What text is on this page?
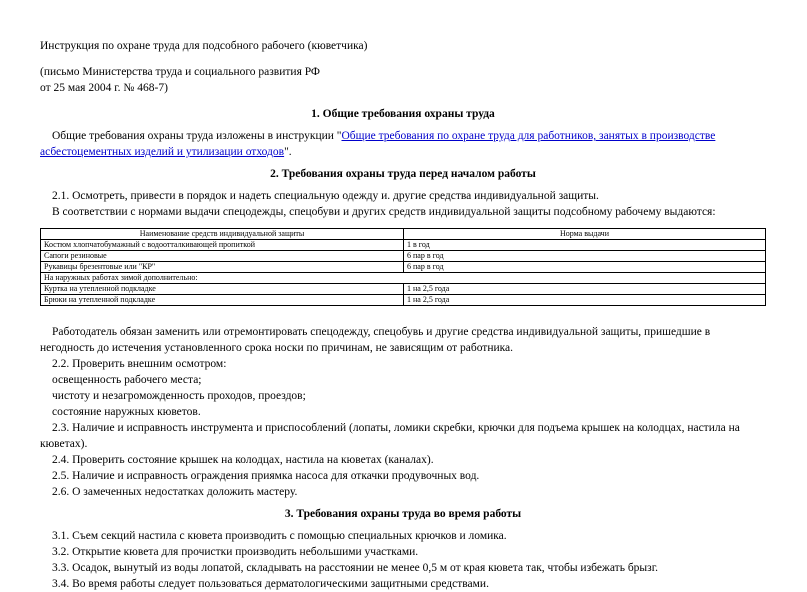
Инструкция по охране труда для подсобного рабочего (кюветчика)

(письмо Министерства труда и социального развития РФ

от 25 мая 2004 г. № 468-7)

1. Общие требования охраны труда

Общие требования охраны труда изложены в инструкции "Общие требования по охране труда для работников, занятых в производстве асбестоцементных изделий и утилизации отходов".

2. Требования охраны труда перед началом работы

2.1. Осмотреть, привести в порядок и надеть специальную одежду и. другие средства индивидуальной защиты.

В соответствии с нормами выдачи спецодежды, спецобуви и других средств индивидуальной защиты подсобному рабочему выдаются:

Наименование средств индивидуальной защиты	Норма выдачи
Костюм хлопчатобумажный с водоотталкивающей пропиткой	1 в год
Сапоги резиновые	6 пар в год
Рукавицы брезентовые или "КР"	6 пар в год
На наружных работах зимой дополнительно:	
Куртка на утепленной подкладке	1 на 2,5 года
Брюки на утепленной подкладке	1 на 2,5 года

Работодатель обязан заменить или отремонтировать спецодежду, спецобувь и другие средства индивидуальной защиты, пришедшие в негодность до истечения установленного срока носки по причинам, не зависящим от работника.

2.2. Проверить внешним осмотром:

освещенность рабочего места;

чистоту и незагроможденность проходов, проездов;

состояние наружных кюветов.

2.3. Наличие и исправность инструмента и приспособлений (лопаты, ломики скребки, крючки для подъема крышек на колодцах, настила на кюветах).

2.4. Проверить состояние крышек на колодцах, настила на кюветах (каналах).

2.5. Наличие и исправность ограждения приямка насоса для откачки продувочных вод.

2.6. О замеченных недостатках доложить мастеру.

3. Требования охраны труда во время работы

3.1. Съем секций настила с кювета производить с помощью специальных крючков и ломика.

3.2. Открытие кювета для прочистки производить небольшими участками.

3.3. Осадок, вынутый из воды лопатой, складывать на расстоянии не менее 0,5 м от края кювета так, чтобы избежать брызг.

3.4. Во время работы следует пользоваться дерматологическими защитными средствами.
